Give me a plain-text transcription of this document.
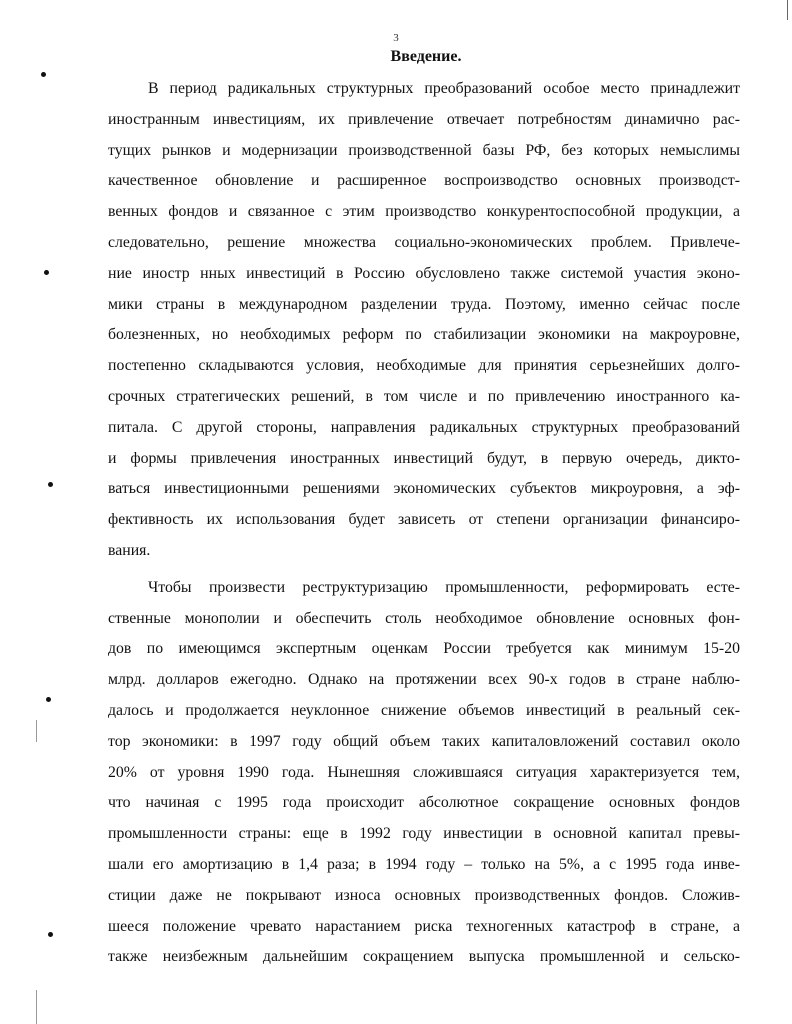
3
Введение.
В период радикальных структурных преобразований особое место принадлежит
иностранным инвестициям, их привлечение отвечает потребностям динамично рас-
тущих рынков и модернизации производственной базы РФ, без которых немыслимы
качественное обновление и расширенное воспроизводство основных производст-
венных фондов и связанное с этим производство конкурентоспособной продукции, а
следовательно, решение множества социально-экономических проблем. Привлече-
ние иностр нных инвестиций в Россию обусловлено также системой участия эконо-
мики страны в международном разделении труда. Поэтому, именно сейчас после
болезненных, но необходимых реформ по стабилизации экономики на макроуровне,
постепенно складываются условия, необходимые для принятия серьезнейших долго-
срочных стратегических решений, в том числе и по привлечению иностранного ка-
питала. С другой стороны, направления радикальных структурных преобразований
и формы привлечения иностранных инвестиций будут, в первую очередь, дикто-
ваться инвестиционными решениями экономических субъектов микроуровня, а эф-
фективность их использования будет зависеть от степени организации финансиро-
вания.
Чтобы произвести реструктуризацию промышленности, реформировать есте-
ственные монополии и обеспечить столь необходимое обновление основных фон-
дов по имеющимся экспертным оценкам России требуется как минимум 15-20
млрд. долларов ежегодно. Однако на протяжении всех 90-х годов в стране наблю-
далось и продолжается неуклонное снижение объемов инвестиций в реальный сек-
тор экономики: в 1997 году общий объем таких капиталовложений составил около
20% от уровня 1990 года. Нынешняя сложившаяся ситуация характеризуется тем,
что начиная с 1995 года происходит абсолютное сокращение основных фондов
промышленности страны: еще в 1992 году инвестиции в основной капитал превы-
шали его амортизацию в 1,4 раза; в 1994 году – только на 5%, а с 1995 года инве-
стиции даже не покрывают износа основных производственных фондов. Сложив-
шееся положение чревато нарастанием риска техногенных катастроф в стране, а
также неизбежным дальнейшим сокращением выпуска промышленной и сельско-
